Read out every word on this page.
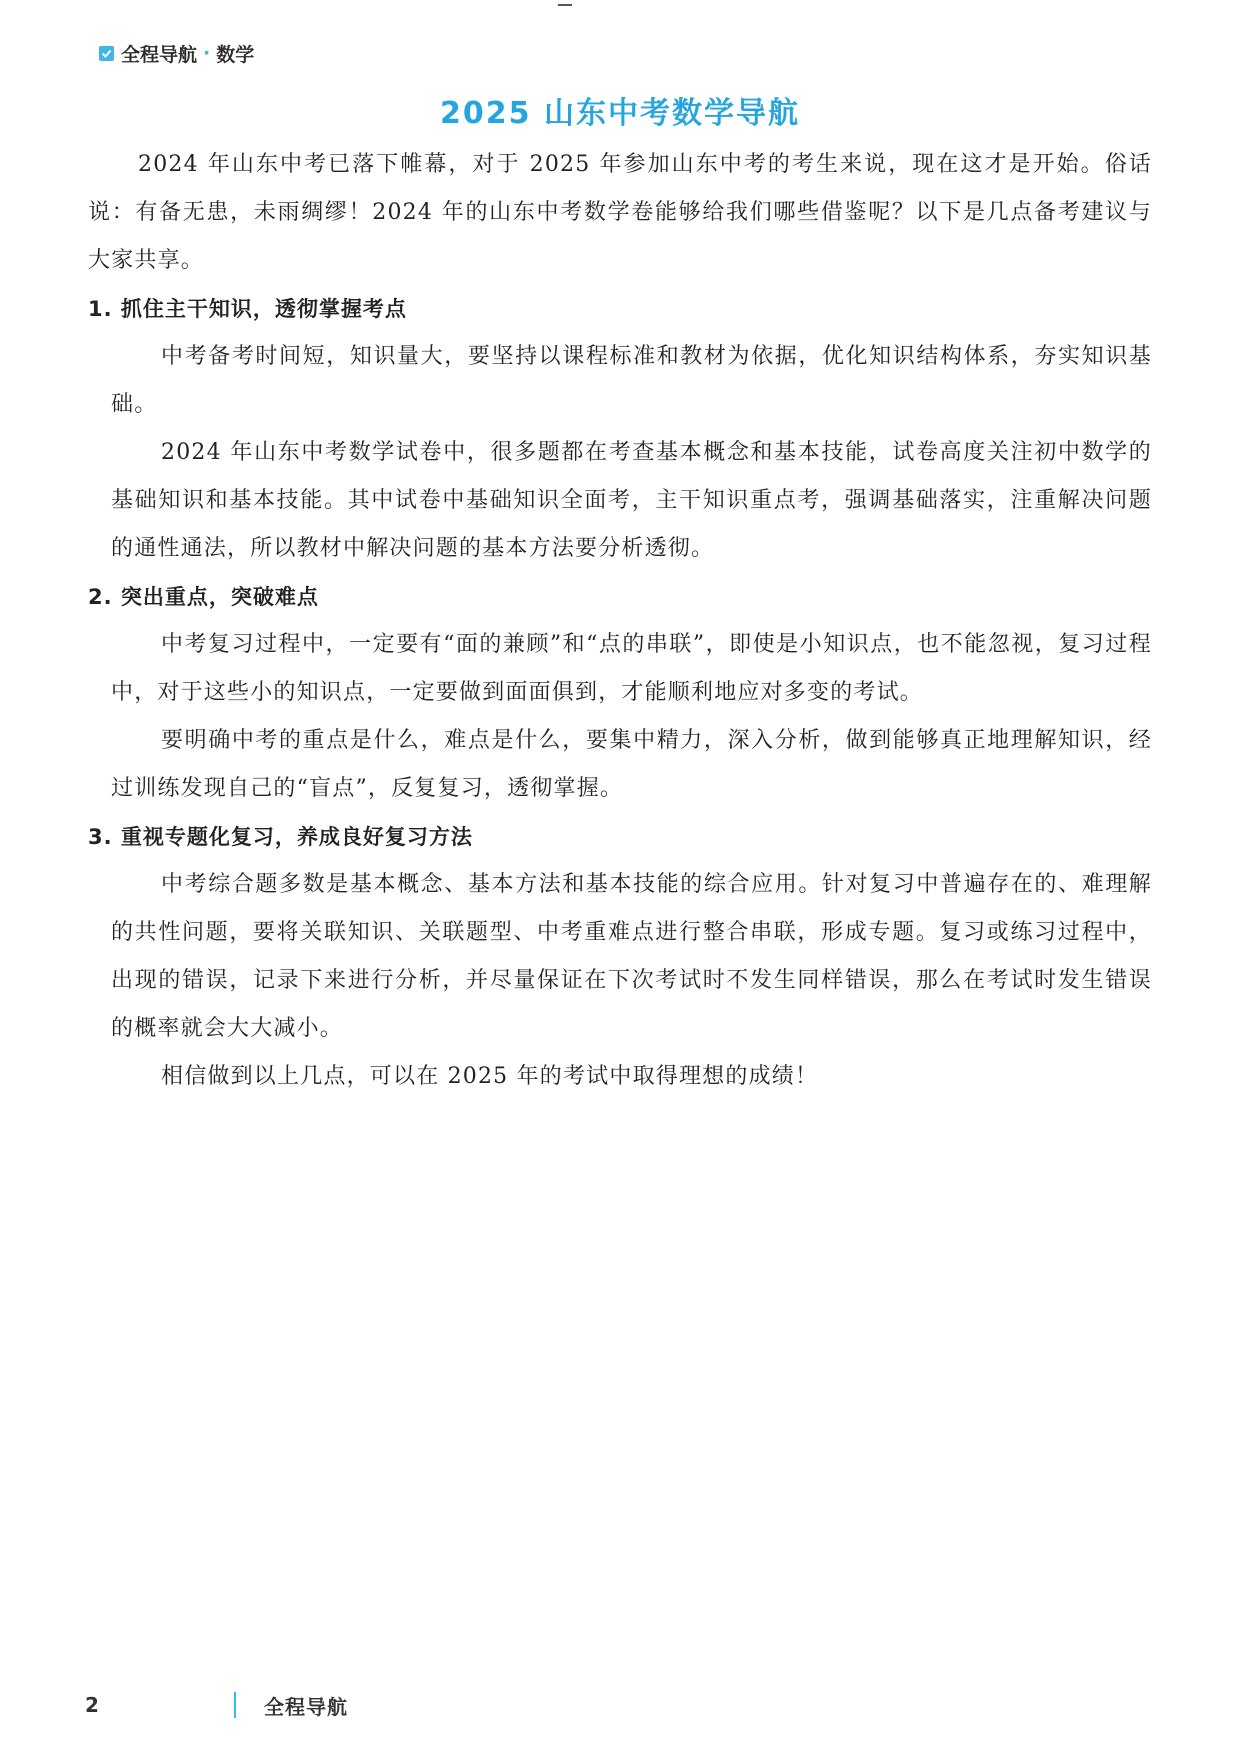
全程导航 · 数学
2025 山东中考数学导航

2024 年山东中考已落下帷幕，对于 2025 年参加山东中考的考生来说，现在这才是开始。俗话说：有备无患，未雨绸缪！2024 年的山东中考数学卷能够给我们哪些借鉴呢？以下是几点备考建议与大家共享。

1. 抓住主干知识，透彻掌握考点

中考备考时间短，知识量大，要坚持以课程标准和教材为依据，优化知识结构体系，夯实知识基础。

2024 年山东中考数学试卷中，很多题都在考查基本概念和基本技能，试卷高度关注初中数学的基础知识和基本技能。其中试卷中基础知识全面考，主干知识重点考，强调基础落实，注重解决问题的通性通法，所以教材中解决问题的基本方法要分析透彻。

2. 突出重点，突破难点

中考复习过程中，一定要有“面的兼顾”和“点的串联”，即使是小知识点，也不能忽视，复习过程中，对于这些小的知识点，一定要做到面面俱到，才能顺利地应对多变的考试。

要明确中考的重点是什么，难点是什么，要集中精力，深入分析，做到能够真正地理解知识，经过训练发现自己的“盲点”，反复复习，透彻掌握。

3. 重视专题化复习，养成良好复习方法

中考综合题多数是基本概念、基本方法和基本技能的综合应用。针对复习中普遍存在的、难理解的共性问题，要将关联知识、关联题型、中考重难点进行整合串联，形成专题。复习或练习过程中，出现的错误，记录下来进行分析，并尽量保证在下次考试时不发生同样错误，那么在考试时发生错误的概率就会大大减小。

相信做到以上几点，可以在 2025 年的考试中取得理想的成绩！

2	全程导航
